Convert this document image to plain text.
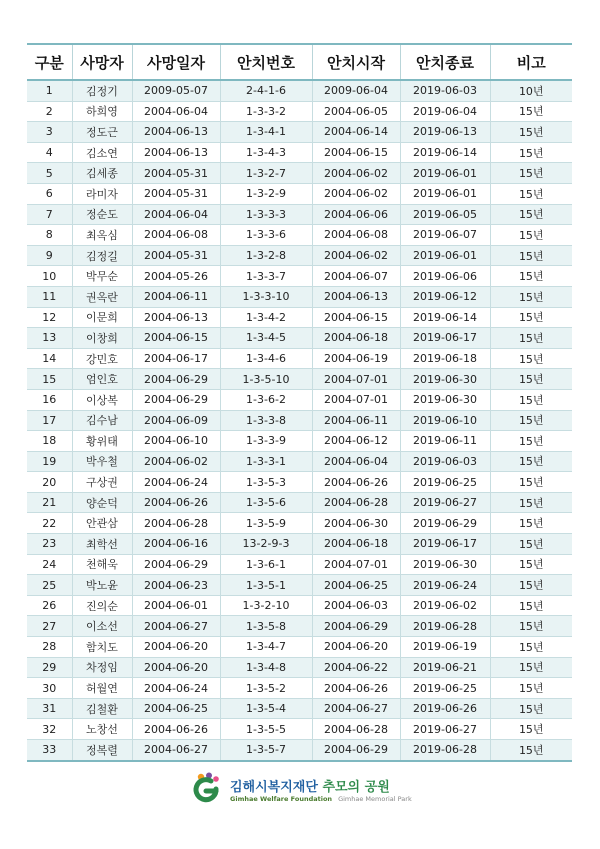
구분	사망자	사망일자	안치번호	안치시작	안치종료	비고
1	김정기	2009-05-07	2-4-1-6	2009-06-04	2019-06-03	10년
2	하희영	2004-06-04	1-3-3-2	2004-06-05	2019-06-04	15년
3	정도근	2004-06-13	1-3-4-1	2004-06-14	2019-06-13	15년
4	김소연	2004-06-13	1-3-4-3	2004-06-15	2019-06-14	15년
5	김세종	2004-05-31	1-3-2-7	2004-06-02	2019-06-01	15년
6	라미자	2004-05-31	1-3-2-9	2004-06-02	2019-06-01	15년
7	정순도	2004-06-04	1-3-3-3	2004-06-06	2019-06-05	15년
8	최옥심	2004-06-08	1-3-3-6	2004-06-08	2019-06-07	15년
9	김정길	2004-05-31	1-3-2-8	2004-06-02	2019-06-01	15년
10	박무순	2004-05-26	1-3-3-7	2004-06-07	2019-06-06	15년
11	권옥란	2004-06-11	1-3-3-10	2004-06-13	2019-06-12	15년
12	이문희	2004-06-13	1-3-4-2	2004-06-15	2019-06-14	15년
13	이창희	2004-06-15	1-3-4-5	2004-06-18	2019-06-17	15년
14	강민호	2004-06-17	1-3-4-6	2004-06-19	2019-06-18	15년
15	엄인호	2004-06-29	1-3-5-10	2004-07-01	2019-06-30	15년
16	이상복	2004-06-29	1-3-6-2	2004-07-01	2019-06-30	15년
17	김수남	2004-06-09	1-3-3-8	2004-06-11	2019-06-10	15년
18	황위태	2004-06-10	1-3-3-9	2004-06-12	2019-06-11	15년
19	박우철	2004-06-02	1-3-3-1	2004-06-04	2019-06-03	15년
20	구상권	2004-06-24	1-3-5-3	2004-06-26	2019-06-25	15년
21	양순덕	2004-06-26	1-3-5-6	2004-06-28	2019-06-27	15년
22	안관삼	2004-06-28	1-3-5-9	2004-06-30	2019-06-29	15년
23	최학선	2004-06-16	13-2-9-3	2004-06-18	2019-06-17	15년
24	천해욱	2004-06-29	1-3-6-1	2004-07-01	2019-06-30	15년
25	박노윤	2004-06-23	1-3-5-1	2004-06-25	2019-06-24	15년
26	진의순	2004-06-01	1-3-2-10	2004-06-03	2019-06-02	15년
27	이소선	2004-06-27	1-3-5-8	2004-06-29	2019-06-28	15년
28	함치도	2004-06-20	1-3-4-7	2004-06-20	2019-06-19	15년
29	차정임	2004-06-20	1-3-4-8	2004-06-22	2019-06-21	15년
30	허월연	2004-06-24	1-3-5-2	2004-06-26	2019-06-25	15년
31	김철환	2004-06-25	1-3-5-4	2004-06-27	2019-06-26	15년
32	노창선	2004-06-26	1-3-5-5	2004-06-28	2019-06-27	15년
33	정복렬	2004-06-27	1-3-5-7	2004-06-29	2019-06-28	15년
김해시복지재단 추모의 공원
Gimhae Welfare Foundation Gimhae Memorial Park
